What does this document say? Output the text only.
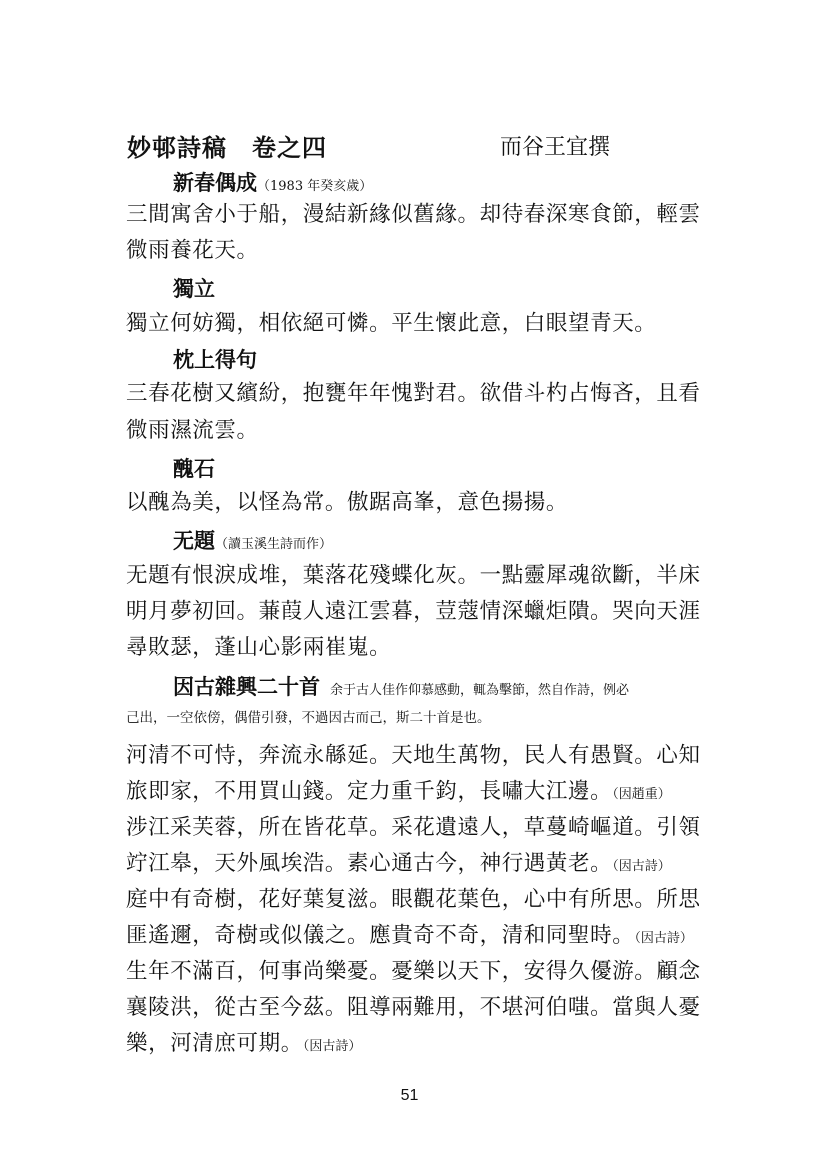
妙邨詩稿　卷之四	而谷王宜撰
新春偶成（1983 年癸亥歲）
三間寓舍小于船，漫結新緣似舊緣。却待春深寒食節，輕雲
微雨養花天。
獨立
獨立何妨獨，相依絕可憐。平生懷此意，白眼望青天。
枕上得句
三春花樹又繽紛，抱甕年年愧對君。欲借斗杓占悔吝，且看
微雨濕流雲。
醜石
以醜為美，以怪為常。傲踞高峯，意色揚揚。
无題（讀玉溪生詩而作）
无題有恨淚成堆，葉落花殘蝶化灰。一點靈犀魂欲斷，半床
明月夢初回。蒹葭人遠江雲暮，荳蔻情深蠟炬隤。哭向天涯
尋敗瑟，蓬山心影兩崔嵬。
因古雜興二十首 余于古人佳作仰慕感動，輒為擊節，然自作詩，例必
己出，一空依傍，偶借引發，不過因古而己，斯二十首是也。
河清不可恃，奔流永緜延。天地生萬物，民人有愚賢。心知
旅即家，不用買山錢。定力重千鈞，長嘯大江邊。（因趙重）
涉江采芙蓉，所在皆花草。采花遺遠人，草蔓崎嶇道。引領
竚江皋，天外風埃浩。素心通古今，神行遇黃老。（因古詩）
庭中有奇樹，花好葉复滋。眼觀花葉色，心中有所思。所思
匪遙邇，奇樹或似儀之。應貴奇不奇，清和同聖時。（因古詩）
生年不滿百，何事尚樂憂。憂樂以天下，安得久優游。顧念
襄陵洪，從古至今茲。阻導兩難用，不堪河伯嗤。當與人憂
樂，河清庶可期。（因古詩）
51
